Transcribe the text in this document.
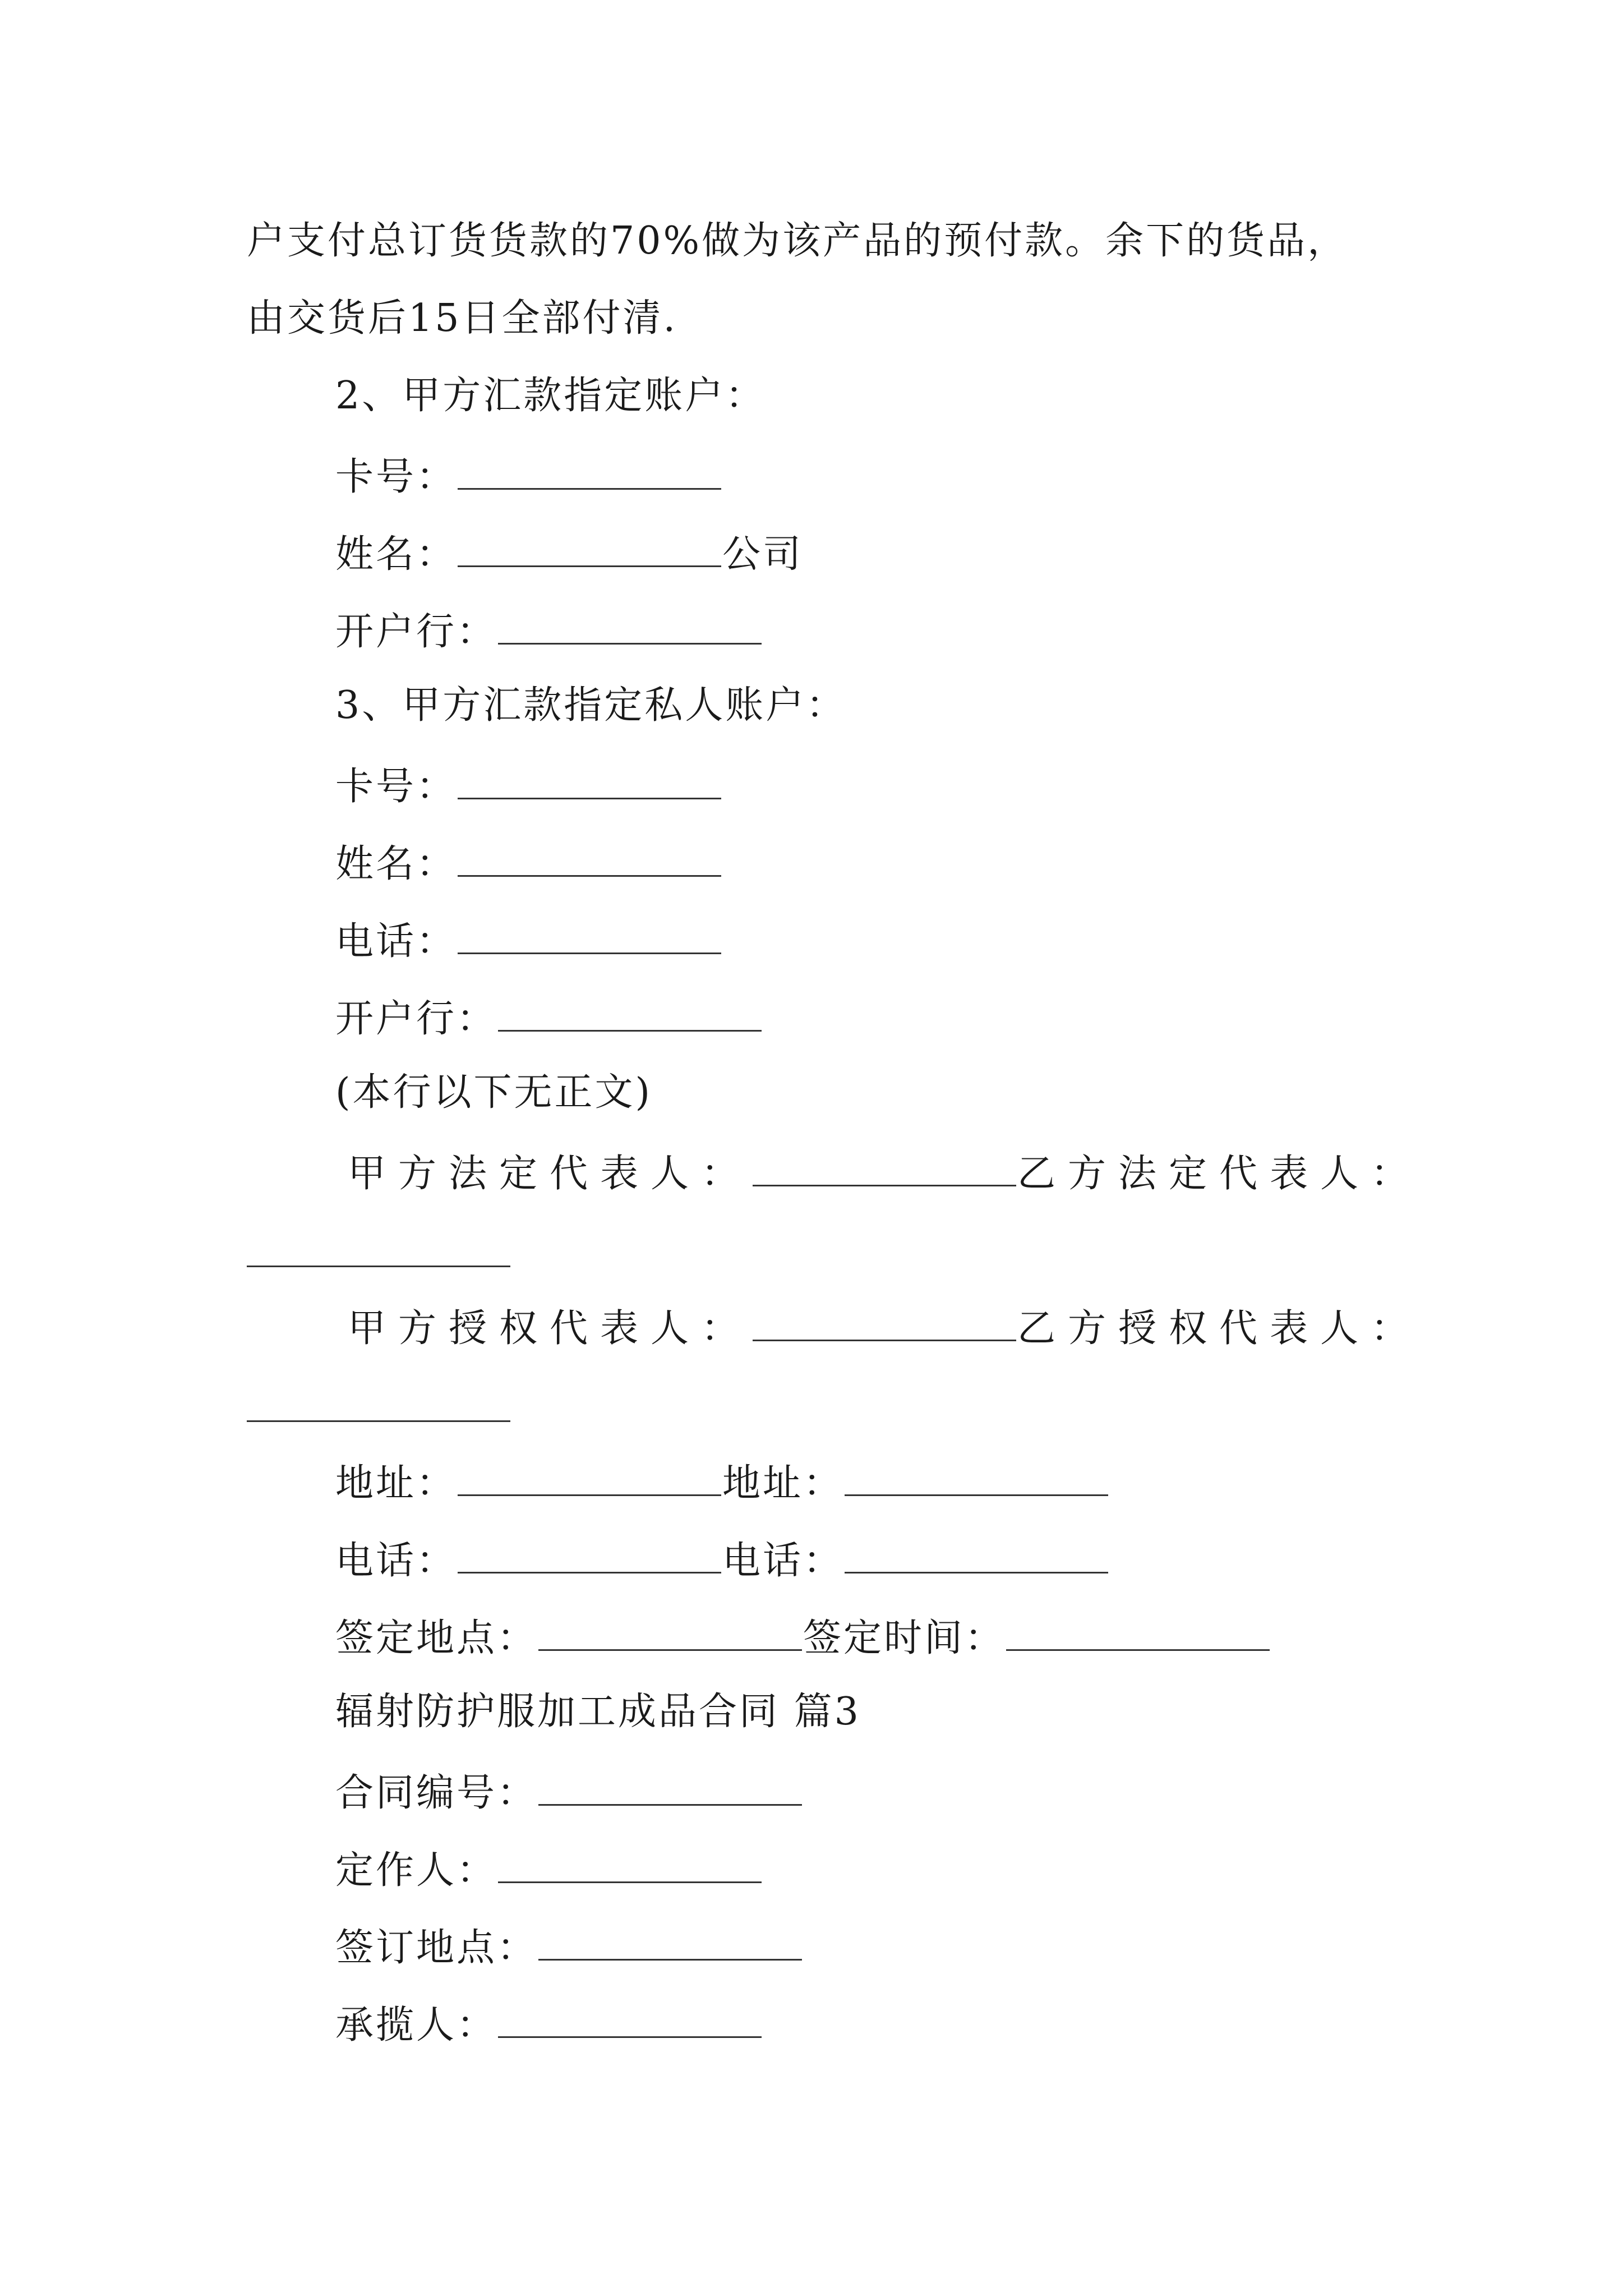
户支付总订货货款的70%做为该产品的预付款。余下的货品，
由交货后15日全部付清.
2、甲方汇款指定账户：
卡号：
姓名：	公司
开户行：
3、甲方汇款指定私人账户：
卡号：
姓名：
电话：
开户行：
(本行以下无正文)
甲方法定代表人：	乙方法定代表人：
甲方授权代表人：	乙方授权代表人：
地址：	地址：
电话：	电话：
签定地点：	签定时间：
辐射防护服加工成品合同 篇3
合同编号：
定作人：
签订地点：
承揽人：
